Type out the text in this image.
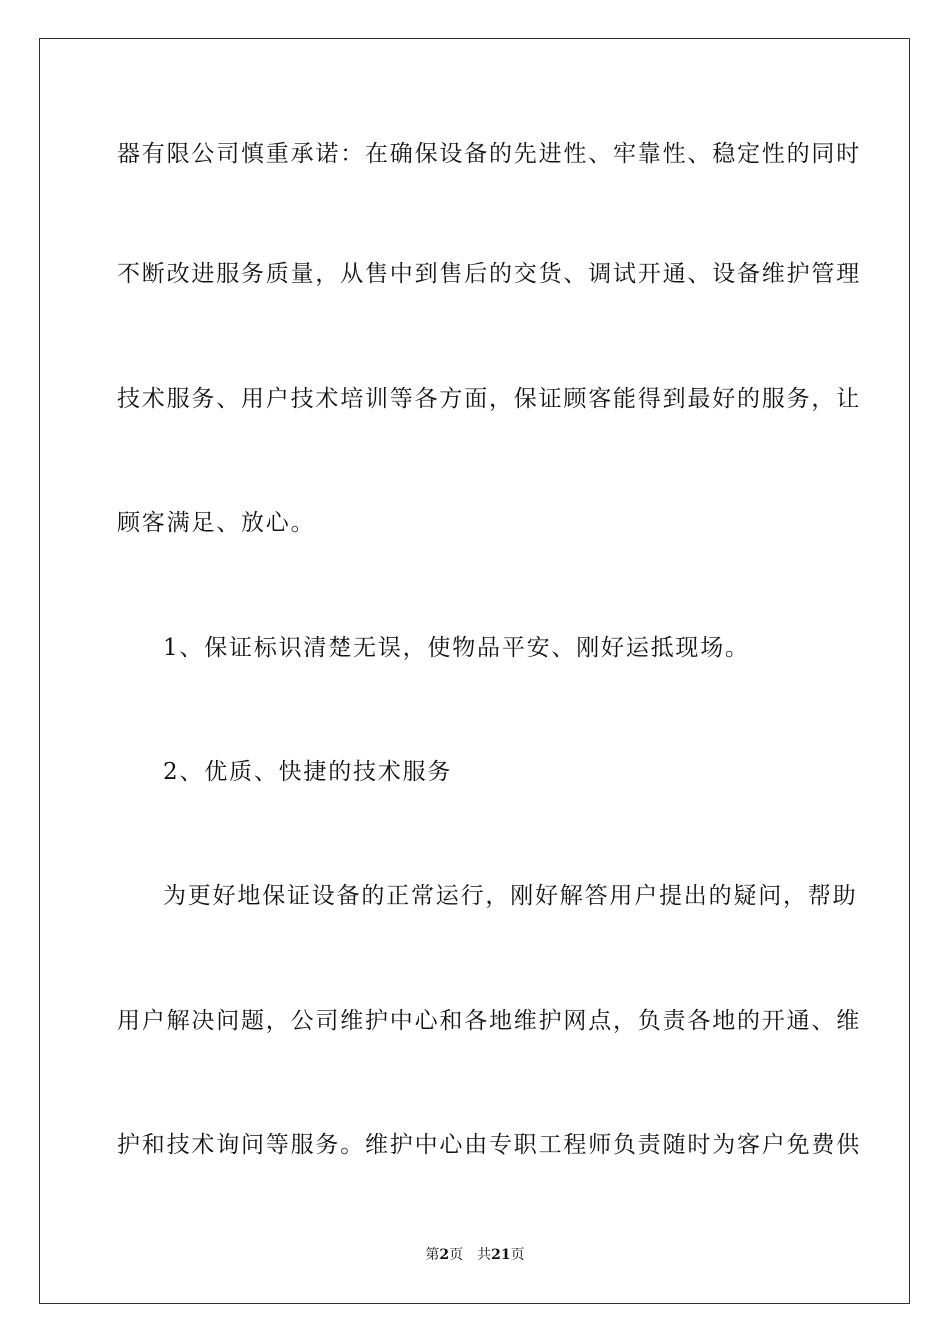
器有限公司慎重承诺：在确保设备的先进性、牢靠性、稳定性的同时
不断改进服务质量，从售中到售后的交货、调试开通、设备维护管理
技术服务、用户技术培训等各方面，保证顾客能得到最好的服务，让
顾客满足、放心。
1、保证标识清楚无误，使物品平安、刚好运抵现场。
2、优质、快捷的技术服务
为更好地保证设备的正常运行，刚好解答用户提出的疑问，帮助
用户解决问题，公司维护中心和各地维护网点，负责各地的开通、维
护和技术询问等服务。维护中心由专职工程师负责随时为客户免费供
第2页 共21页
